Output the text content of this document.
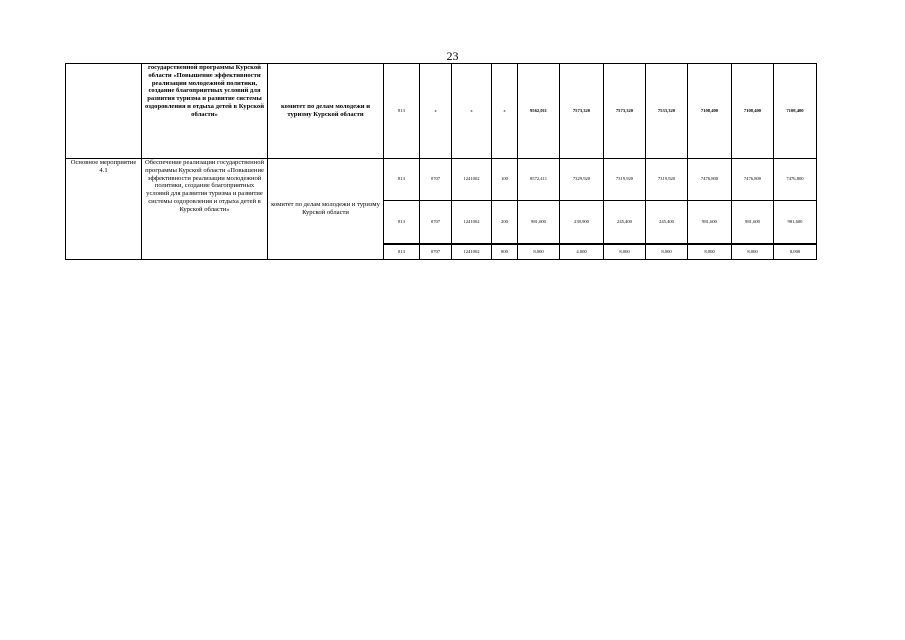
23
	государственной программы Курской области «Повышение эффективности реализации молодежной политики, создание благоприятных условий для развития туризма и развитие системы оздоровления и отдыха детей в Курской области»	комитет по делам молодежи и туризму Курской области	813	х	х	х	9562,011	7573,320	7573,320	7533,320	7108,400	7108,400	7108,400
Основное мероприятие 4.1	Обеспечение реализации государственной программы Курской области «Повышение эффективности реализации молодежной политики, создание благоприятных условий для развития туризма и развитие системы оздоровления и отдыха детей в Курской области»	комитет по делам молодежи и туризму Курской области	813	0707	1241002	100	8572,411	7329,920	7319,920	7319,920	7476,800	7476,800	7476,800
			813	0707	1241002	200	981,600	239,900	245,400	245,400	981,600	981,600	981,600
			813	0707	1241002	800	8,000	4,000	8,000	8,000	8,000	8,000	8,000
